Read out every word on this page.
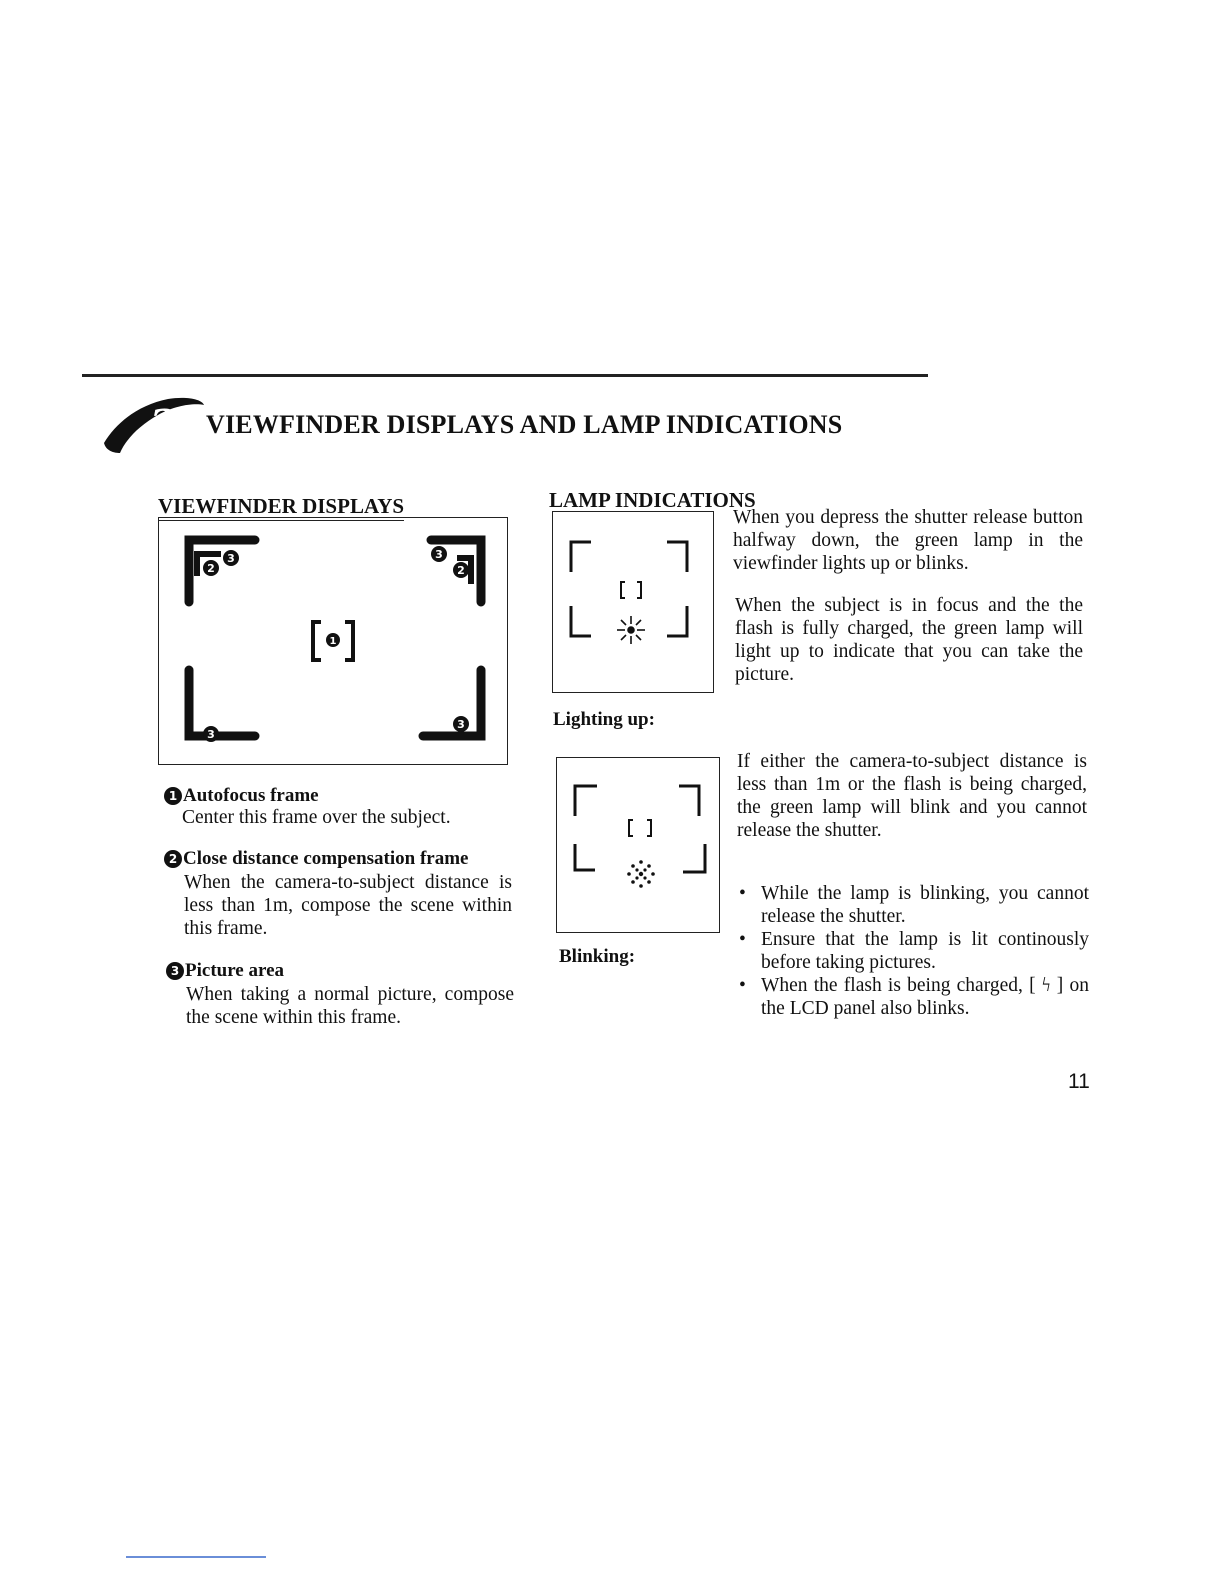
2 VIEWFINDER DISPLAYS AND LAMP INDICATIONS
VIEWFINDER DISPLAYS
1
2
3	3
2
3
3
1 Autofocus frame
Center this frame over the subject.
2 Close distance compensation frame
When the camera-to-subject distance is less than 1m, compose the scene within this frame.
3 Picture area
When taking a normal picture, compose the scene within this frame.
LAMP INDICATIONS
Lighting up:
Blinking:
When you depress the shutter release button halfway down, the green lamp in the viewfinder lights up or blinks.
When the subject is in focus and the the flash is fully charged, the green lamp will light up to indicate that you can take the picture.
If either the camera-to-subject distance is less than 1m or the flash is being charged, the green lamp will blink and you cannot release the shutter.
• While the lamp is blinking, you cannot release the shutter.
• Ensure that the lamp is lit continously before taking pictures.
• When the flash is being charged, [ ϟ ] on the LCD panel also blinks.
11
